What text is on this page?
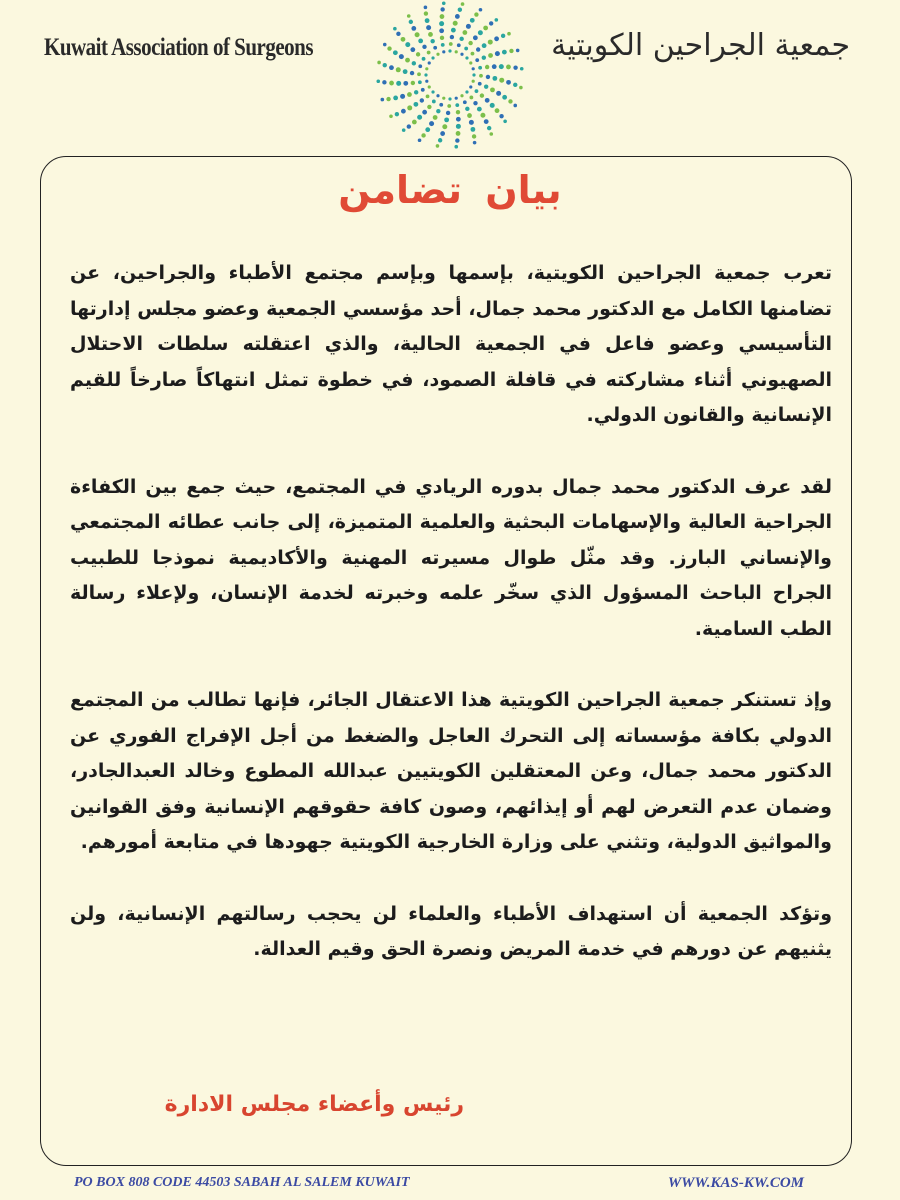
Kuwait Association of Surgeons	جمعية الجراحين الكويتية
بيان تضامن

تعرب جمعية الجراحين الكويتية، بإسمها وبإسم مجتمع الأطباء والجراحين، عن تضامنها الكامل مع الدكتور محمد جمال، أحد مؤسسي الجمعية وعضو مجلس إدارتها التأسيسي وعضو فاعل في الجمعية الحالية، والذي اعتقلته سلطات الاحتلال الصهيوني أثناء مشاركته في قافلة الصمود، في خطوة تمثل انتهاكاً صارخاً للقيم الإنسانية والقانون الدولي.

لقد عرف الدكتور محمد جمال بدوره الريادي في المجتمع، حيث جمع بين الكفاءة الجراحية العالية والإسهامات البحثية والعلمية المتميزة، إلى جانب عطائه المجتمعي والإنساني البارز. وقد مثّل طوال مسيرته المهنية والأكاديمية نموذجا للطبيب الجراح الباحث المسؤول الذي سخّر علمه وخبرته لخدمة الإنسان، ولإعلاء رسالة الطب السامية.

وإذ تستنكر جمعية الجراحين الكويتية هذا الاعتقال الجائر، فإنها تطالب من المجتمع الدولي بكافة مؤسساته إلى التحرك العاجل والضغط من أجل الإفراج الفوري عن الدكتور محمد جمال، وعن المعتقلين الكويتيين عبدالله المطوع وخالد العبدالجادر، وضمان عدم التعرض لهم أو إيذائهم، وصون كافة حقوقهم الإنسانية وفق القوانين والمواثيق الدولية، وتثني على وزارة الخارجية الكويتية جهودها في متابعة أمورهم.

وتؤكد الجمعية أن استهداف الأطباء والعلماء لن يحجب رسالتهم الإنسانية، ولن يثنيهم عن دورهم في خدمة المريض ونصرة الحق وقيم العدالة.

رئيس وأعضاء مجلس الادارة
PO BOX 808 CODE 44503 SABAH AL SALEM KUWAIT	WWW.KAS-KW.COM
